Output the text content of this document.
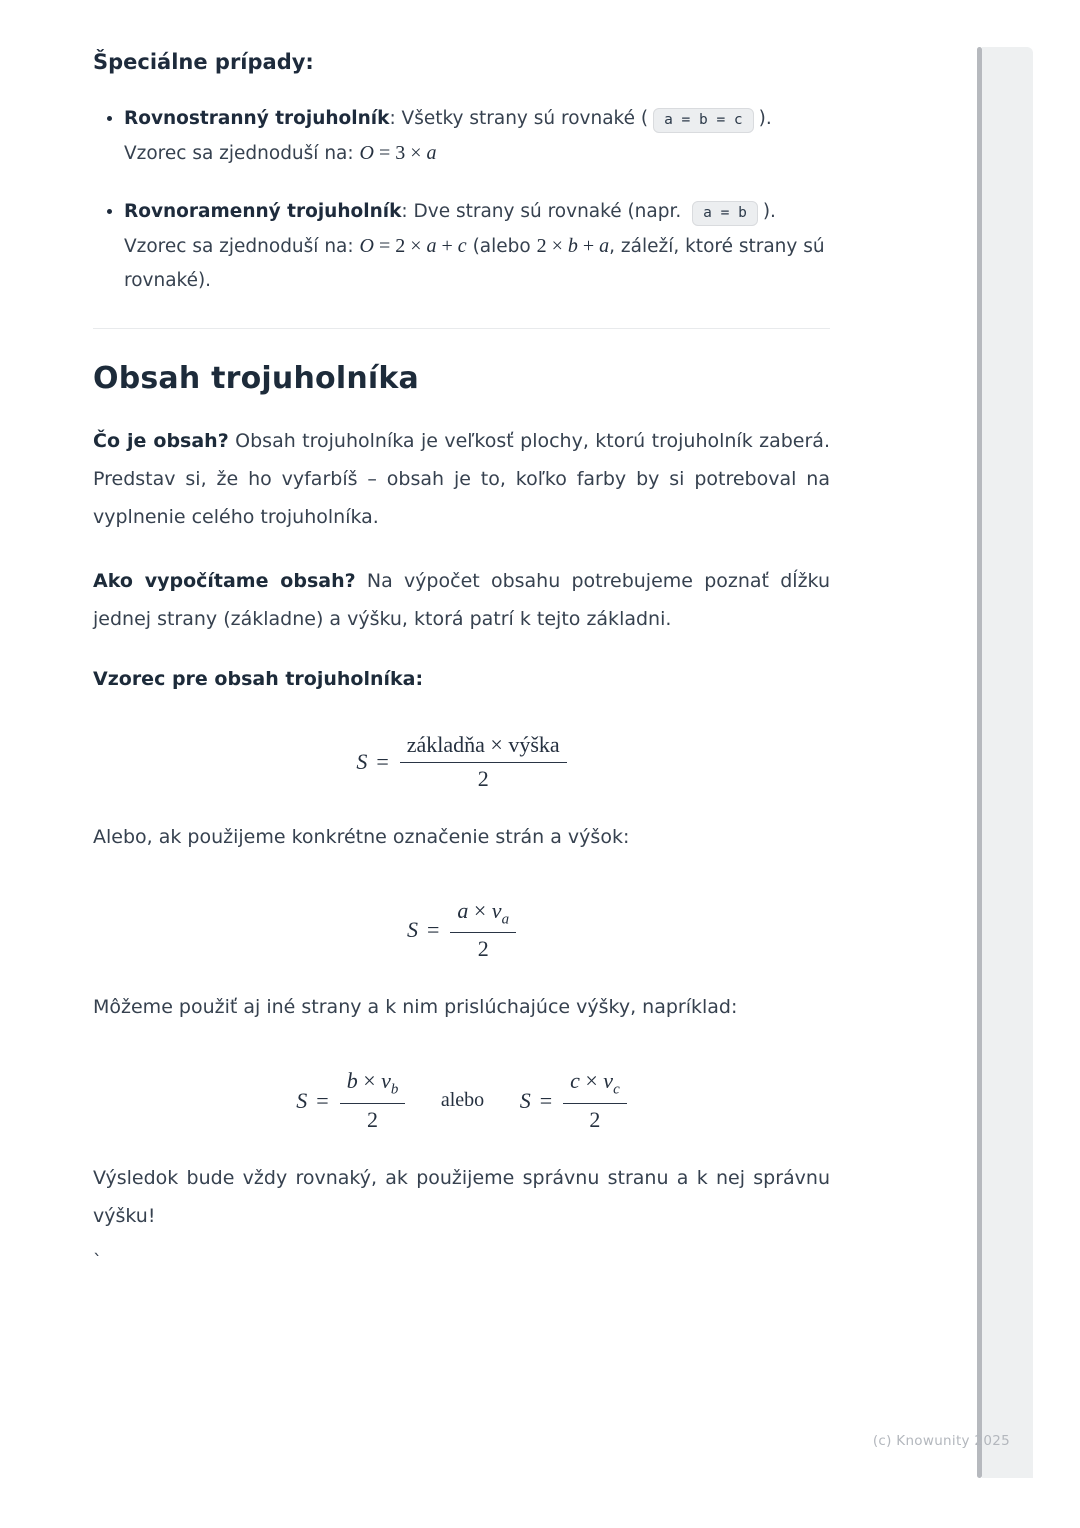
Špeciálne prípady:
• Rovnostranný trojuholník: Všetky strany sú rovnaké ( a = b = c ).
Vzorec sa zjednoduší na: O = 3 × a
• Rovnoramenný trojuholník: Dve strany sú rovnaké (napr. a = b ).
Vzorec sa zjednoduší na: O = 2 × a + c (alebo 2 × b + a, záleží, ktoré strany sú rovnaké).
Obsah trojuholníka

Čo je obsah? Obsah trojuholníka je veľkosť plochy, ktorú trojuholník zaberá. Predstav si, že ho vyfarbíš – obsah je to, koľko farby by si potreboval na vyplnenie celého trojuholníka.

Ako vypočítame obsah? Na výpočet obsahu potrebujeme poznať dĺžku jednej strany (základne) a výšku, ktorá patrí k tejto základni.

Vzorec pre obsah trojuholníka:

$S = \frac{\text{základňa × výška}}{2}$

Alebo, ak použijeme konkrétne označenie strán a výšok:

$S = \frac{a \times v_a}{2}$

Môžeme použiť aj iné strany a k nim prislúchajúce výšky, napríklad:

$S = \frac{b \times v_b}{2}$ alebo $S = \frac{c \times v_c}{2}$

Výsledok bude vždy rovnaký, ak použijeme správnu stranu a k nej správnu výšku!

`

(c) Knowunity 2025
